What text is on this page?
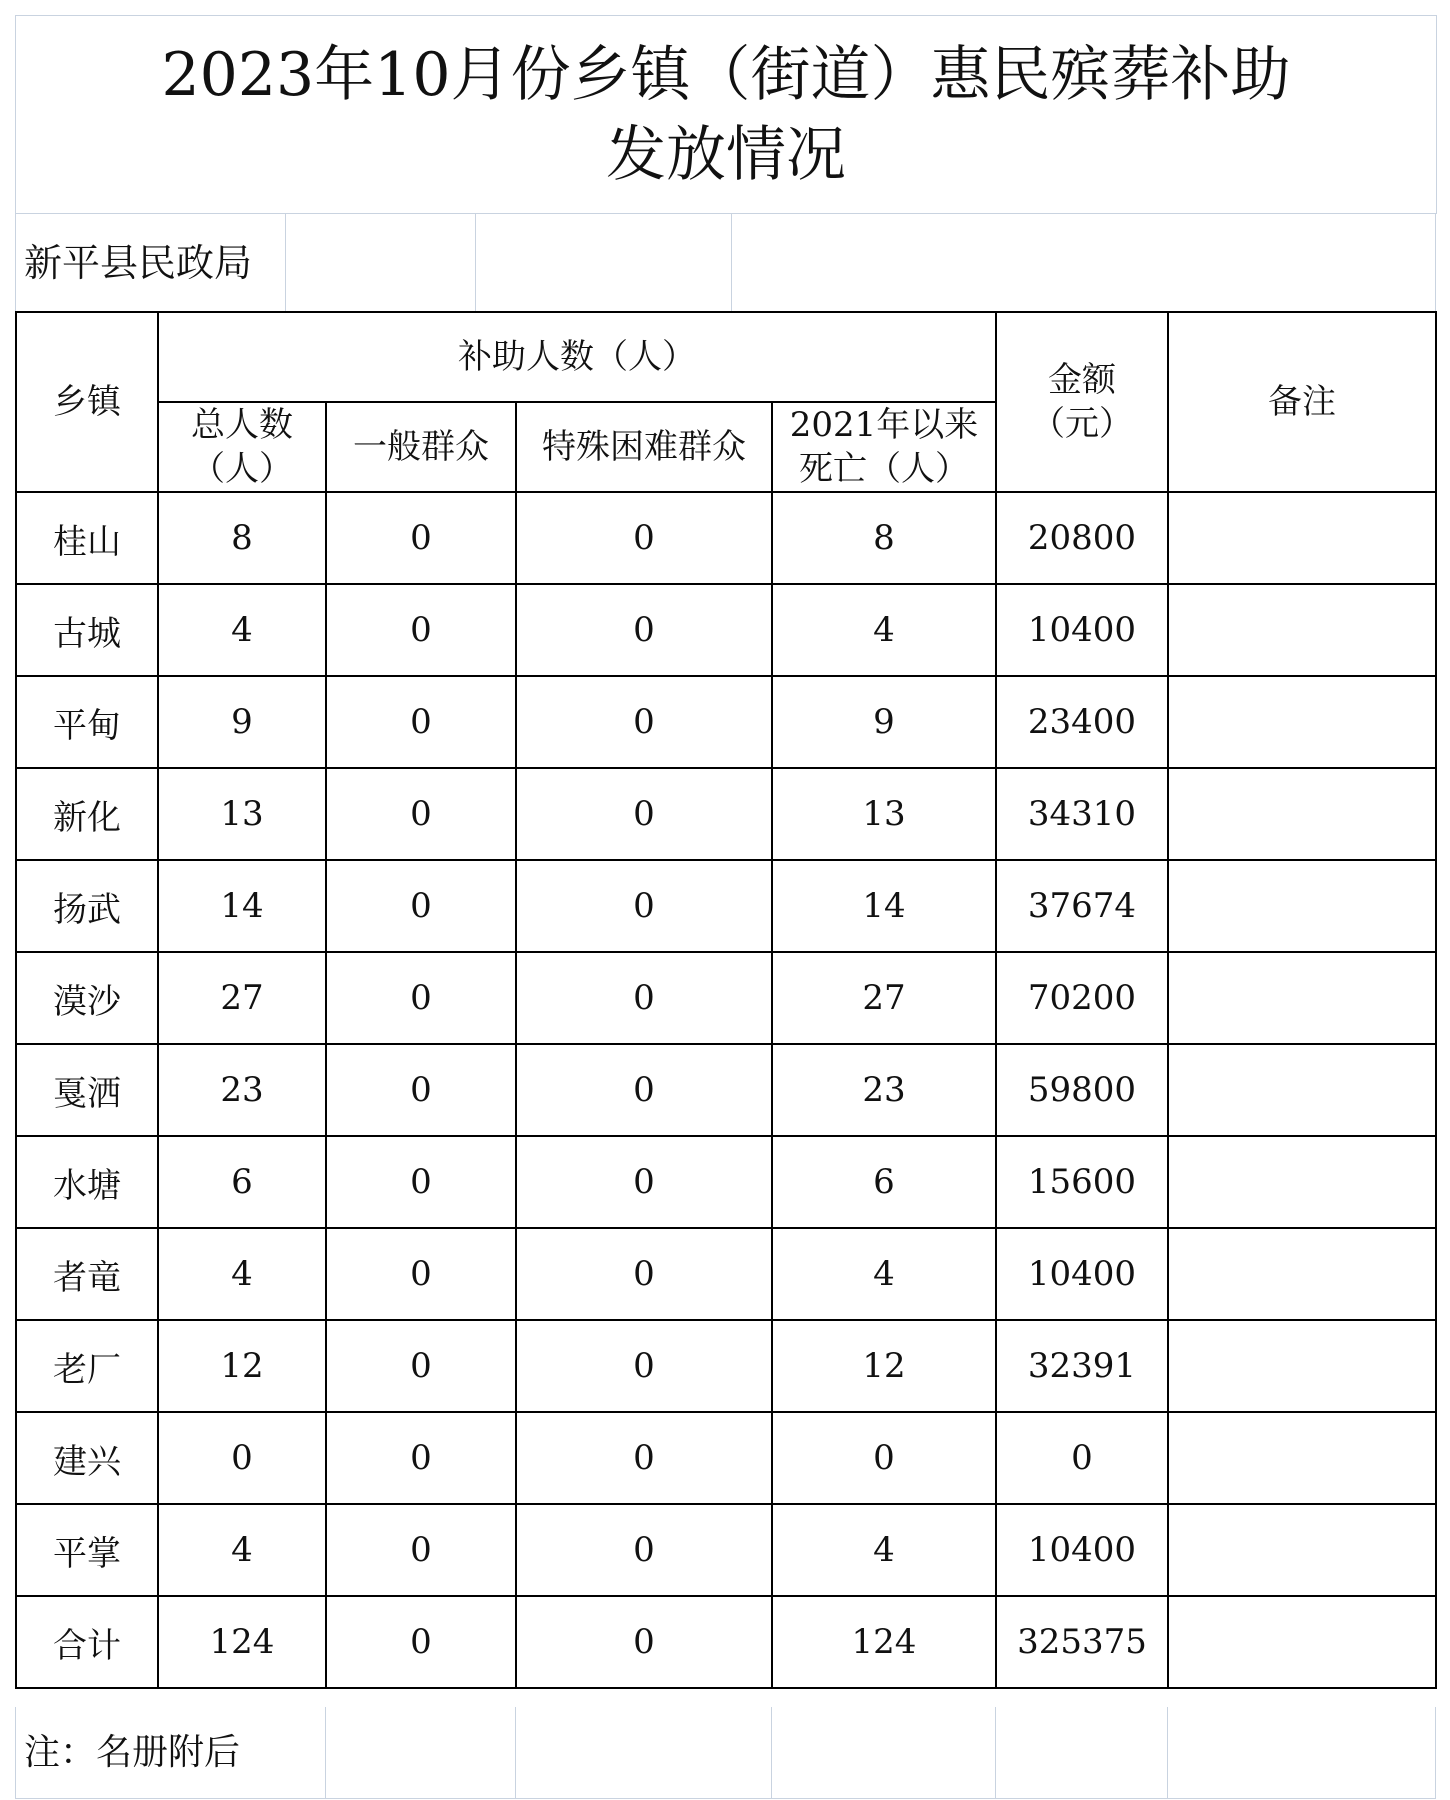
2023年10月份乡镇（街道）惠民殡葬补助
发放情况
新平县民政局
乡镇	补助人数（人）				金额（元）	备注
	总人数（人）	一般群众	特殊困难群众	2021年以来死亡（人）		
桂山	8	0	0	8	20800	
古城	4	0	0	4	10400	
平甸	9	0	0	9	23400	
新化	13	0	0	13	34310	
扬武	14	0	0	14	37674	
漠沙	27	0	0	27	70200	
戛洒	23	0	0	23	59800	
水塘	6	0	0	6	15600	
者竜	4	0	0	4	10400	
老厂	12	0	0	12	32391	
建兴	0	0	0	0	0	
平掌	4	0	0	4	10400	
合计	124	0	0	124	325375	
注：名册附后
